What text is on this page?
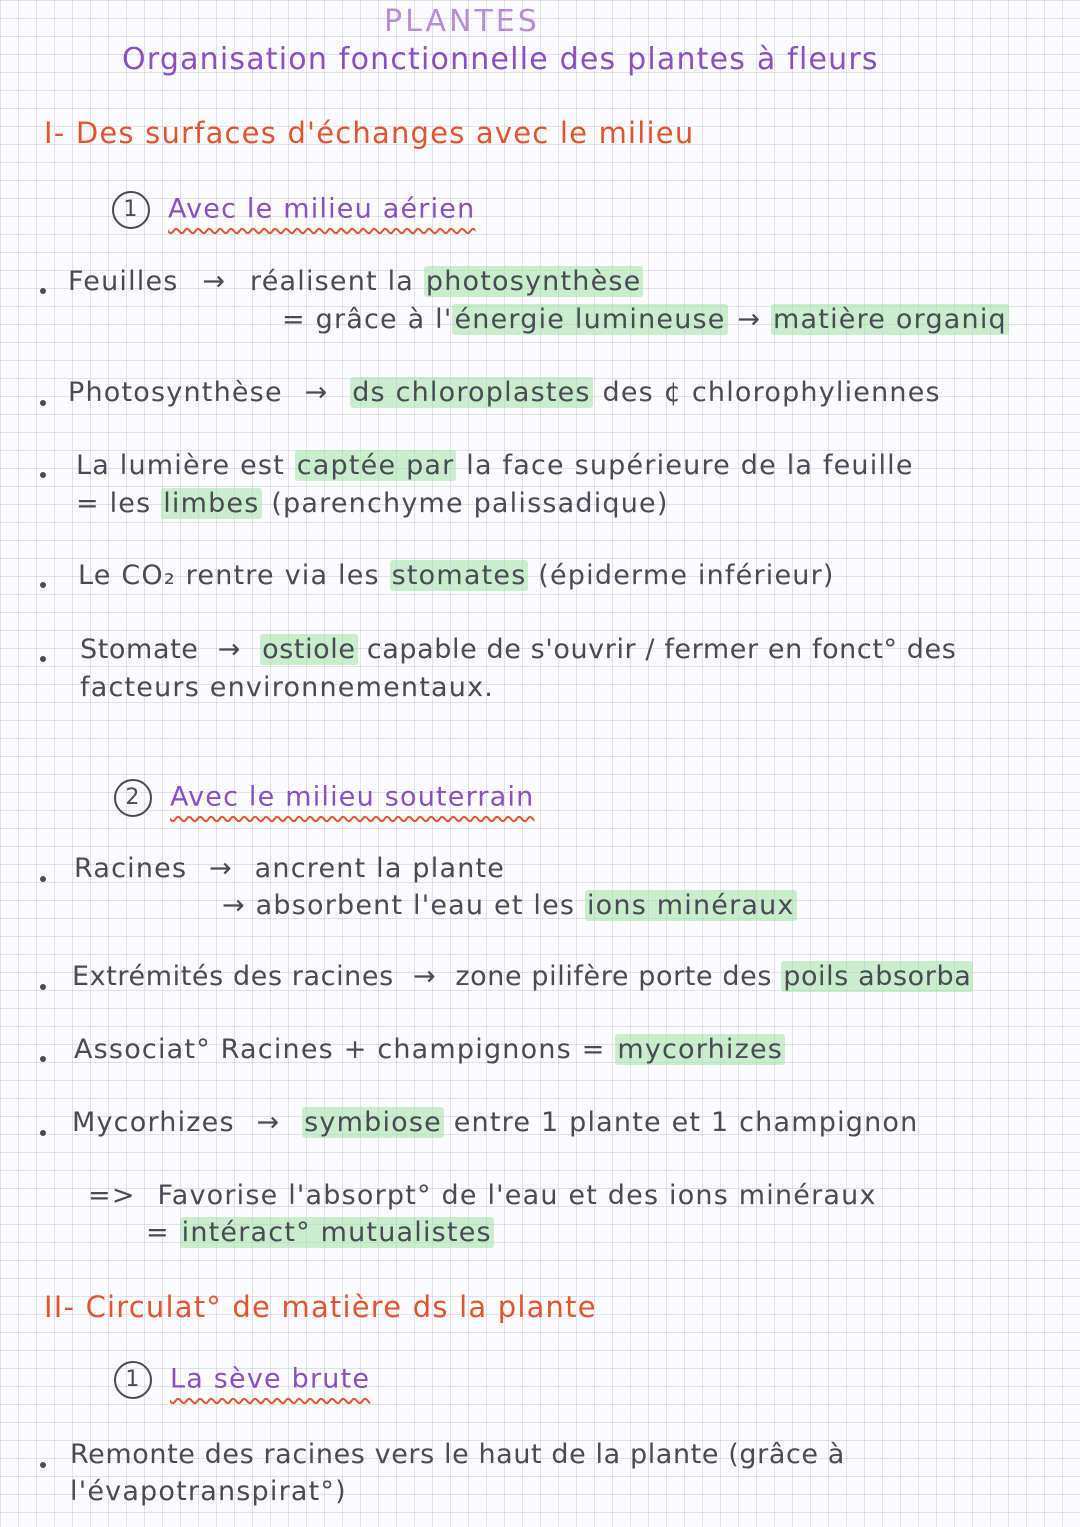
PLANTES
Organisation fonctionnelle des plantes à fleurs
I- Des surfaces d'échanges avec le milieu
1 Avec le milieu aérien
Feuilles → réalisent la photosynthèse
= grâce à l'énergie lumineuse → matière organiq
Photosynthèse → ds chloroplastes des ¢ chlorophyliennes
La lumière est captée par la face supérieure de la feuille
= les limbes (parenchyme palissadique)
Le CO₂ rentre via les stomates (épiderme inférieur)
Stomate → ostiole capable de s'ouvrir / fermer en fonct° des
facteurs environnementaux.
2 Avec le milieu souterrain
Racines → ancrent la plante
→ absorbent l'eau et les ions minéraux
Extrémités des racines → zone pilifère porte des poils absorba
Associat° Racines + champignons = mycorhizes
Mycorhizes → symbiose entre 1 plante et 1 champignon
=> Favorise l'absorpt° de l'eau et des ions minéraux
= intéract° mutualistes
II- Circulat° de matière ds la plante
1 La sève brute
Remonte des racines vers le haut de la plante (grâce à
l'évapotranspirat°)
